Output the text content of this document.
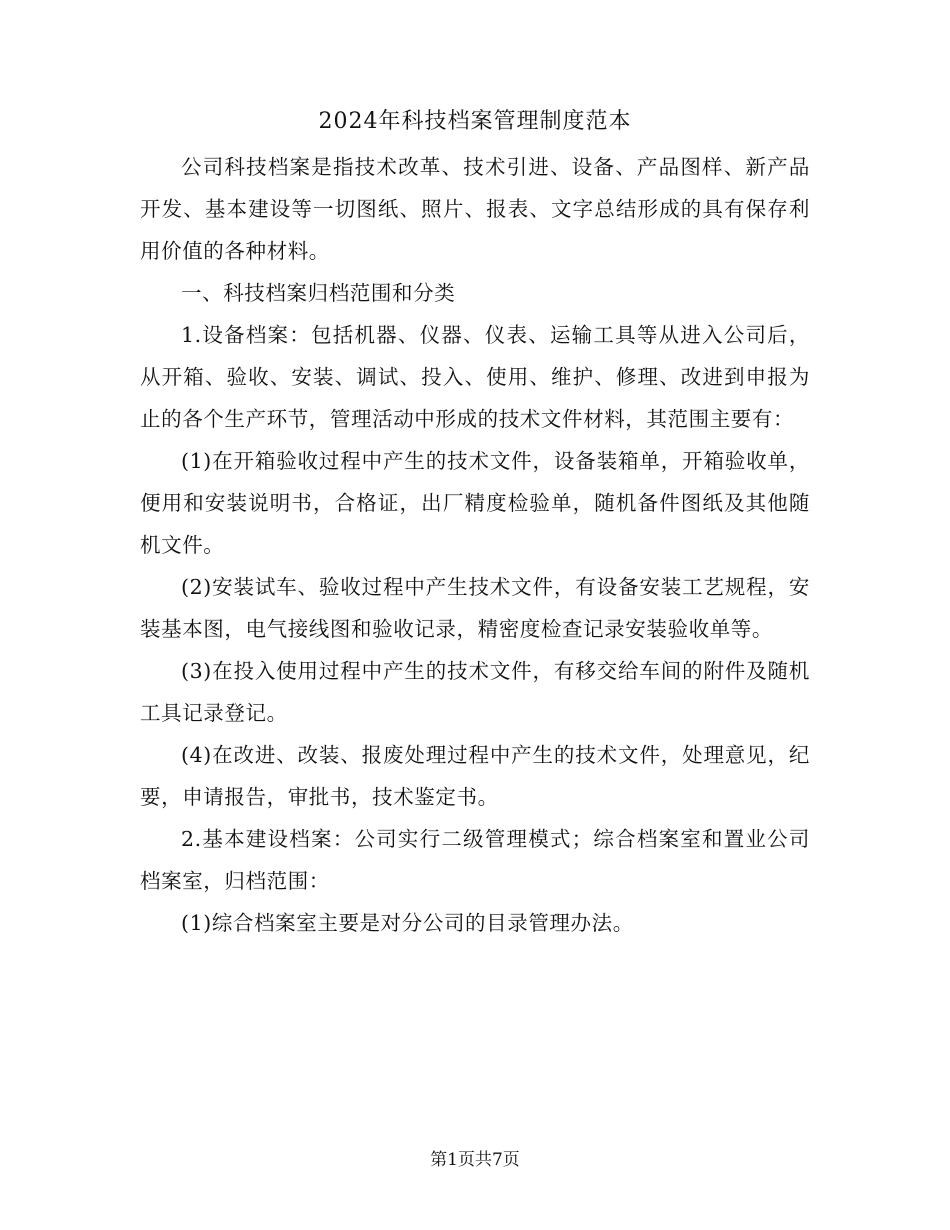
2024年科技档案管理制度范本

公司科技档案是指技术改革、技术引进、设备、产品图样、新产品开发、基本建设等一切图纸、照片、报表、文字总结形成的具有保存利用价值的各种材料。

一、科技档案归档范围和分类

1.设备档案：包括机器、仪器、仪表、运输工具等从进入公司后，从开箱、验收、安装、调试、投入、使用、维护、修理、改进到申报为止的各个生产环节，管理活动中形成的技术文件材料，其范围主要有：

(1)在开箱验收过程中产生的技术文件，设备装箱单，开箱验收单，便用和安装说明书，合格证，出厂精度检验单，随机备件图纸及其他随机文件。

(2)安装试车、验收过程中产生技术文件，有设备安装工艺规程，安装基本图，电气接线图和验收记录，精密度检查记录安装验收单等。

(3)在投入使用过程中产生的技术文件，有移交给车间的附件及随机工具记录登记。

(4)在改进、改装、报废处理过程中产生的技术文件，处理意见，纪要，申请报告，审批书，技术鉴定书。

2.基本建设档案：公司实行二级管理模式；综合档案室和置业公司档案室，归档范围：

(1)综合档案室主要是对分公司的目录管理办法。

第1页共7页
